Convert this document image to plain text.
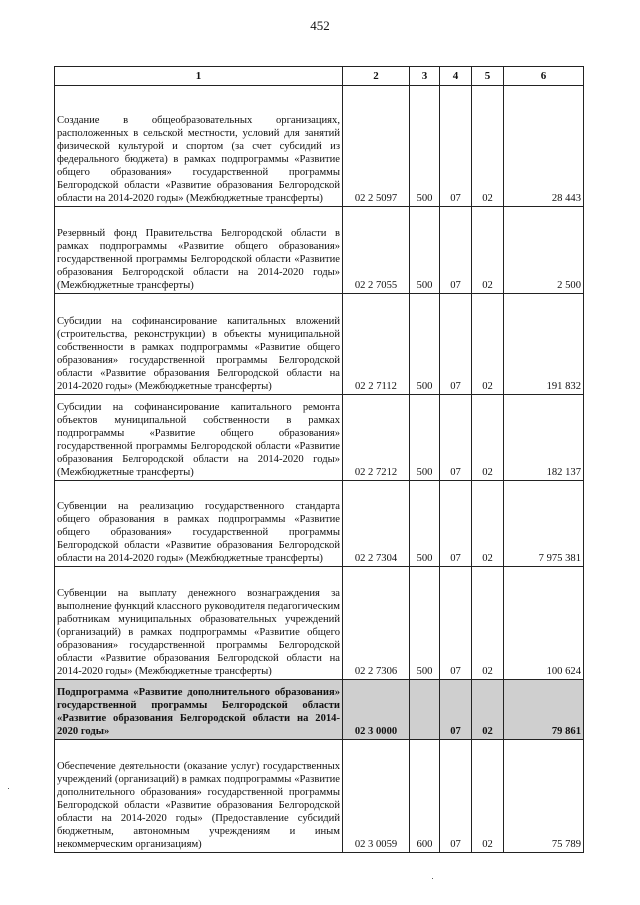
452
1	2	3	4	5	6
Создание в общеобразовательных организациях, расположенных в сельской местности, условий для занятий физической культурой и спортом (за счет субсидий из федерального бюджета) в рамках подпрограммы «Развитие общего образования» государственной программы Белгородской области «Развитие образования Белгородской области на 2014-2020 годы» (Межбюджетные трансферты)	02 2 5097	500	07	02	28 443
Резервный фонд Правительства Белгородской области в рамках подпрограммы «Развитие общего образования» государственной программы Белгородской области «Развитие образования Белгородской области на 2014-2020 годы» (Межбюджетные трансферты)	02 2 7055	500	07	02	2 500
Субсидии на софинансирование капитальных вложений (строительства, реконструкции) в объекты муниципальной собственности в рамках подпрограммы «Развитие общего образования» государственной программы Белгородской области «Развитие образования Белгородской области на 2014-2020 годы» (Межбюджетные трансферты)	02 2 7112	500	07	02	191 832
Субсидии на софинансирование капитального ремонта объектов муниципальной собственности в рамках подпрограммы «Развитие общего образования» государственной программы Белгородской области «Развитие образования Белгородской области на 2014-2020 годы» (Межбюджетные трансферты)	02 2 7212	500	07	02	182 137
Субвенции на реализацию государственного стандарта общего образования в рамках подпрограммы «Развитие общего образования» государственной программы Белгородской области «Развитие образования Белгородской области на 2014-2020 годы» (Межбюджетные трансферты)	02 2 7304	500	07	02	7 975 381
Субвенции на выплату денежного вознаграждения за выполнение функций классного руководителя педагогическим работникам муниципальных образовательных учреждений (организаций) в рамках подпрограммы «Развитие общего образования» государственной программы Белгородской области «Развитие образования Белгородской области на 2014-2020 годы» (Межбюджетные трансферты)	02 2 7306	500	07	02	100 624
Подпрограмма «Развитие дополнительного образования» государственной программы Белгородской области «Развитие образования Белгородской области на 2014-2020 годы»	02 3 0000		07	02	79 861
Обеспечение деятельности (оказание услуг) государственных учреждений (организаций) в рамках подпрограммы «Развитие дополнительного образования» государственной программы Белгородской области «Развитие образования Белгородской области на 2014-2020 годы» (Предоставление субсидий бюджетным, автономным учреждениям и иным некоммерческим организациям)	02 3 0059	600	07	02	75 789
